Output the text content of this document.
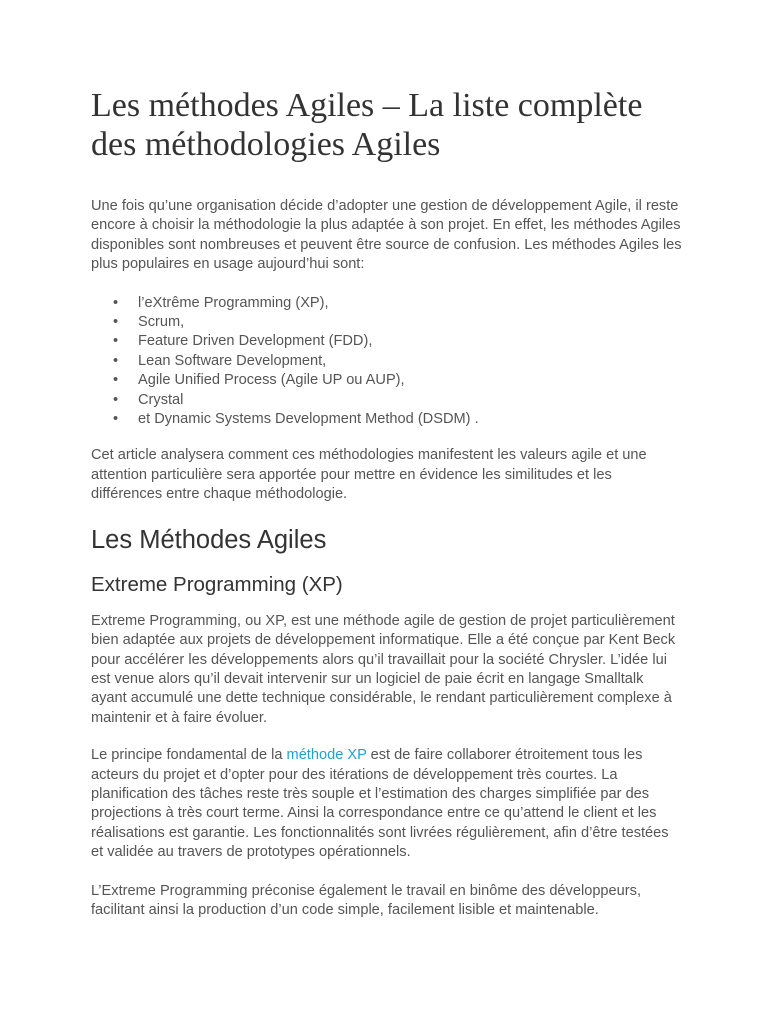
Les méthodes Agiles – La liste complète des méthodologies Agiles

Une fois qu’une organisation décide d’adopter une gestion de développement Agile, il reste encore à choisir la méthodologie la plus adaptée à son projet. En effet, les méthodes Agiles disponibles sont nombreuses et peuvent être source de confusion. Les méthodes Agiles les plus populaires en usage aujourd’hui sont:

• l’eXtrême Programming (XP),
• Scrum,
• Feature Driven Development (FDD),
• Lean Software Development,
• Agile Unified Process (Agile UP ou AUP),
• Crystal
• et Dynamic Systems Development Method (DSDM) .

Cet article analysera comment ces méthodologies manifestent les valeurs agile et une attention particulière sera apportée pour mettre en évidence les similitudes et les différences entre chaque méthodologie.

Les Méthodes Agiles
Extreme Programming (XP)

Extreme Programming, ou XP, est une méthode agile de gestion de projet particulièrement bien adaptée aux projets de développement informatique. Elle a été conçue par Kent Beck pour accélérer les développements alors qu’il travaillait pour la société Chrysler. L’idée lui est venue alors qu’il devait intervenir sur un logiciel de paie écrit en langage Smalltalk ayant accumulé une dette technique considérable, le rendant particulièrement complexe à maintenir et à faire évoluer.

Le principe fondamental de la méthode XP est de faire collaborer étroitement tous les acteurs du projet et d’opter pour des itérations de développement très courtes. La planification des tâches reste très souple et l’estimation des charges simplifiée par des projections à très court terme. Ainsi la correspondance entre ce qu’attend le client et les réalisations est garantie. Les fonctionnalités sont livrées régulièrement, afin d’être testées et validée au travers de prototypes opérationnels.

L’Extreme Programming préconise également le travail en binôme des développeurs, facilitant ainsi la production d’un code simple, facilement lisible et maintenable.
